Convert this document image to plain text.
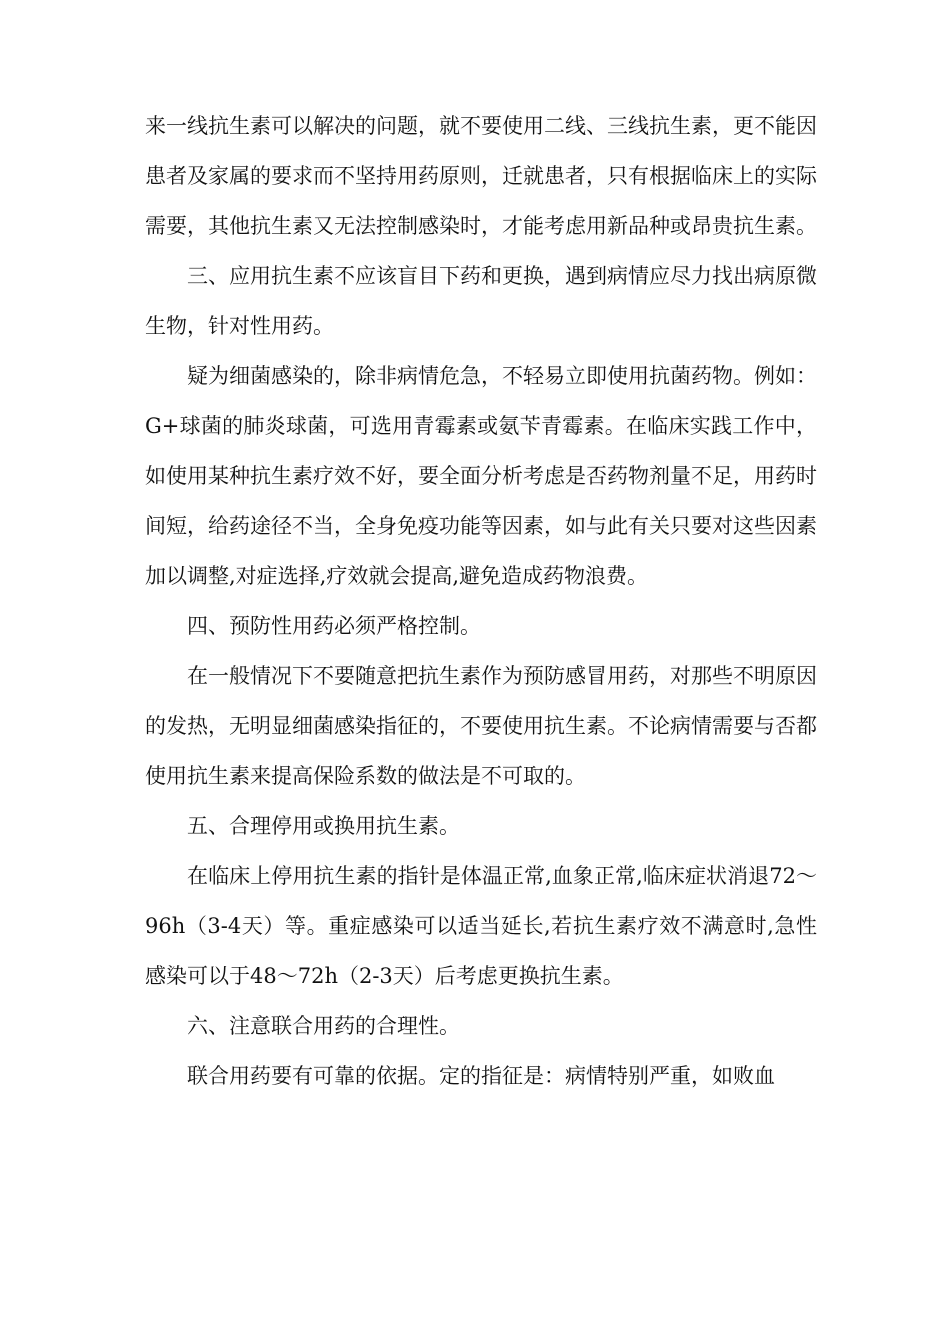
来一线抗生素可以解决的问题，就不要使用二线、三线抗生素，更不能因患者及家属的要求而不坚持用药原则，迁就患者，只有根据临床上的实际需要，其他抗生素又无法控制感染时，才能考虑用新品种或昂贵抗生素。

三、应用抗生素不应该盲目下药和更换，遇到病情应尽力找出病原微生物，针对性用药。

疑为细菌感染的，除非病情危急，不轻易立即使用抗菌药物。例如：G+球菌的肺炎球菌，可选用青霉素或氨苄青霉素。在临床实践工作中，如使用某种抗生素疗效不好，要全面分析考虑是否药物剂量不足，用药时间短，给药途径不当，全身免疫功能等因素，如与此有关只要对这些因素加以调整,对症选择,疗效就会提高,避免造成药物浪费。

四、预防性用药必须严格控制。

在一般情况下不要随意把抗生素作为预防感冒用药，对那些不明原因的发热，无明显细菌感染指征的，不要使用抗生素。不论病情需要与否都使用抗生素来提高保险系数的做法是不可取的。

五、合理停用或换用抗生素。

在临床上停用抗生素的指针是体温正常,血象正常,临床症状消退72～96h（3-4天）等。重症感染可以适当延长,若抗生素疗效不满意时,急性感染可以于48～72h（2-3天）后考虑更换抗生素。

六、注意联合用药的合理性。

联合用药要有可靠的依据。定的指征是：病情特别严重，如败血
